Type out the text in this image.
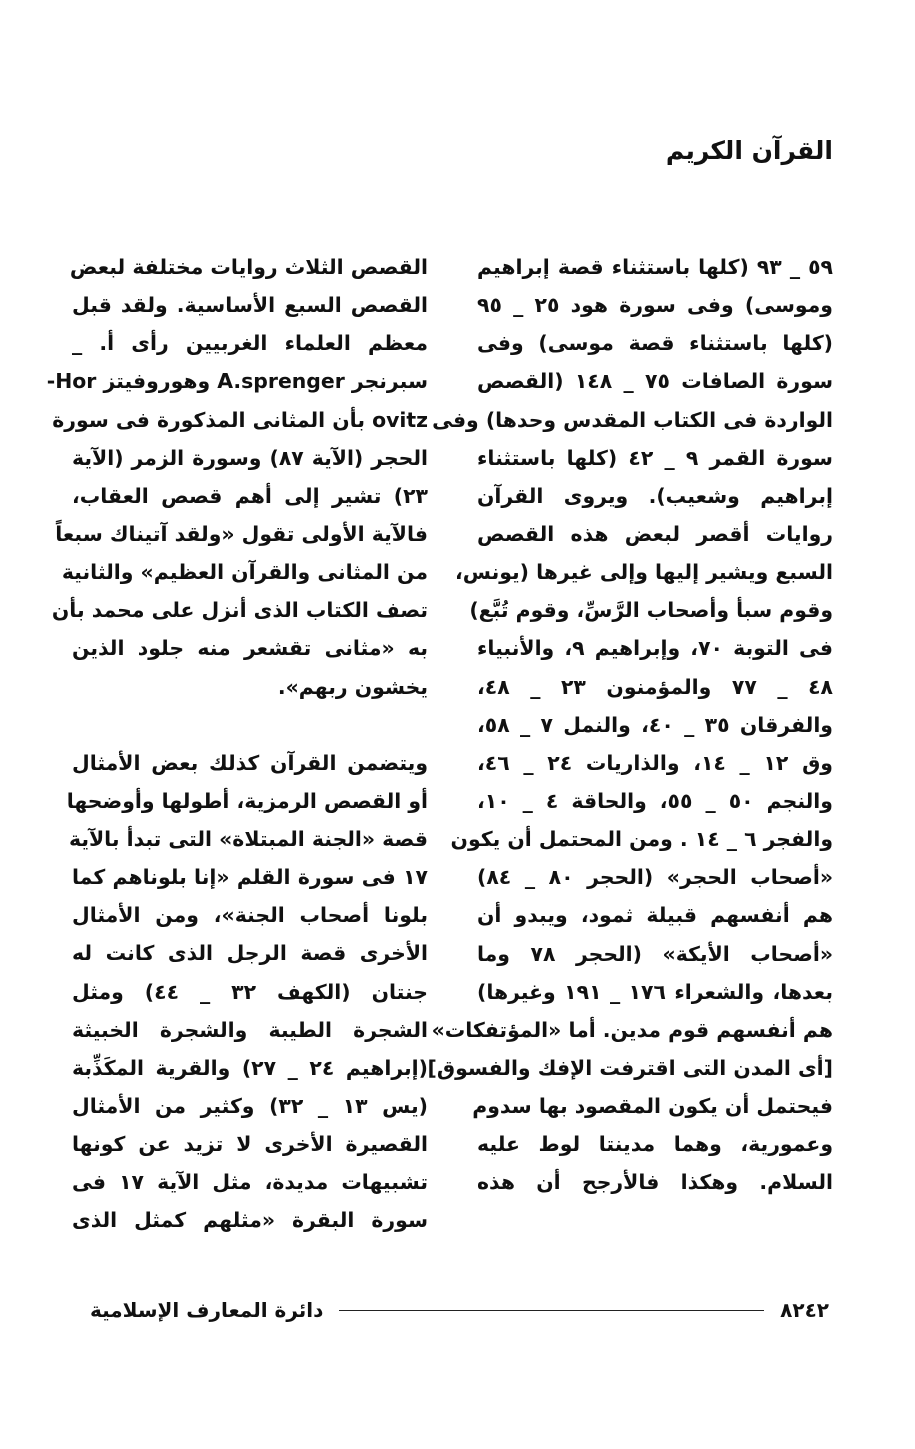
القرآن الكريم
٥٩ _ ٩٣ (كلها باستثناء قصة إبراهيم
وموسى) وفى سورة هود ٢٥ _ ٩٥
(كلها باستثناء قصة موسى) وفى
سورة الصافات ٧٥ _ ١٤٨ (القصص
الواردة فى الكتاب المقدس وحدها) وفى
سورة القمر ٩ _ ٤٢ (كلها باستثناء
إبراهيم وشعيب). ويروى القرآن
روايات أقصر لبعض هذه القصص
السبع ويشير إليها وإلى غيرها (يونس،
وقوم سبأ وأصحاب الرَّسِّ، وقوم تُبَّع)
فى التوبة ٧٠، وإبراهيم ٩، والأنبياء
٤٨ _ ٧٧ والمؤمنون ٢٣ _ ٤٨،
والفرقان ٣٥ _ ٤٠، والنمل ٧ _ ٥٨،
وق ١٢ _ ١٤، والذاريات ٢٤ _ ٤٦،
والنجم ٥٠ _ ٥٥، والحاقة ٤ _ ١٠،
والفجر ٦ _ ١٤ . ومن المحتمل أن يكون
«أصحاب الحجر» (الحجر ٨٠ _ ٨٤)
هم أنفسهم قبيلة ثمود، ويبدو أن
«أصحاب الأيكة» (الحجر ٧٨ وما
بعدها، والشعراء ١٧٦ _ ١٩١ وغيرها)
هم أنفسهم قوم مدين. أما «المؤتفكات»
[أى المدن التى اقترفت الإفك والفسوق]
فيحتمل أن يكون المقصود بها سدوم
وعمورية، وهما مدينتا لوط عليه
السلام. وهكذا فالأرجح أن هذه
القصص الثلاث روايات مختلفة لبعض
القصص السبع الأساسية. ولقد قبل
معظم العلماء الغربيين رأى أ. _
سبرنجر A.sprenger وهوروفيتز Hor-
ovitz بأن المثانى المذكورة فى سورة
الحجر (الآية ٨٧) وسورة الزمر (الآية
٢٣) تشير إلى أهم قصص العقاب،
فالآية الأولى تقول «ولقد آتيناك سبعاً
من المثانى والقرآن العظيم» والثانية
تصف الكتاب الذى أنزل على محمد بأن
به «مثانى تقشعر منه جلود الذين
يخشون ربهم».
ويتضمن القرآن كذلك بعض الأمثال
أو القصص الرمزية، أطولها وأوضحها
قصة «الجنة المبتلاة» التى تبدأ بالآية
١٧ فى سورة القلم «إنا بلوناهم كما
بلونا أصحاب الجنة»، ومن الأمثال
الأخرى قصة الرجل الذى كانت له
جنتان (الكهف ٣٢ _ ٤٤) ومثل
الشجرة الطيبة والشجرة الخبيثة
(إبراهيم ٢٤ _ ٢٧) والقرية المكَذِّبة
(يس ١٣ _ ٣٢) وكثير من الأمثال
القصيرة الأخرى لا تزيد عن كونها
تشبيهات مديدة، مثل الآية ١٧ فى
سورة البقرة «مثلهم كمثل الذى
٨٢٤٢
دائرة المعارف الإسلامية
